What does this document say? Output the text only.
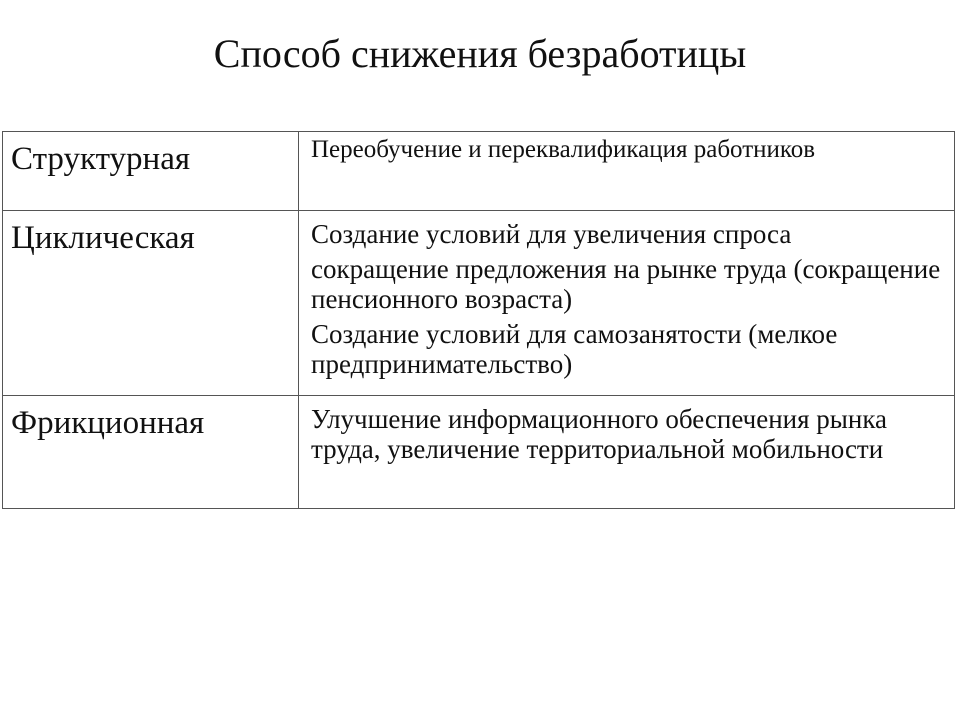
Способ снижения безработицы
Структурная	Переобучение и переквалификация работников

Циклическая	Создание условий для увеличения спроса

сокращение предложения на рынке труда (сокращение пенсионного возраста)

Создание условий для самозанятости (мелкое предпринимательство)

Фрикционная	Улучшение информационного обеспечения рынка труда, увеличение территориальной мобильности
